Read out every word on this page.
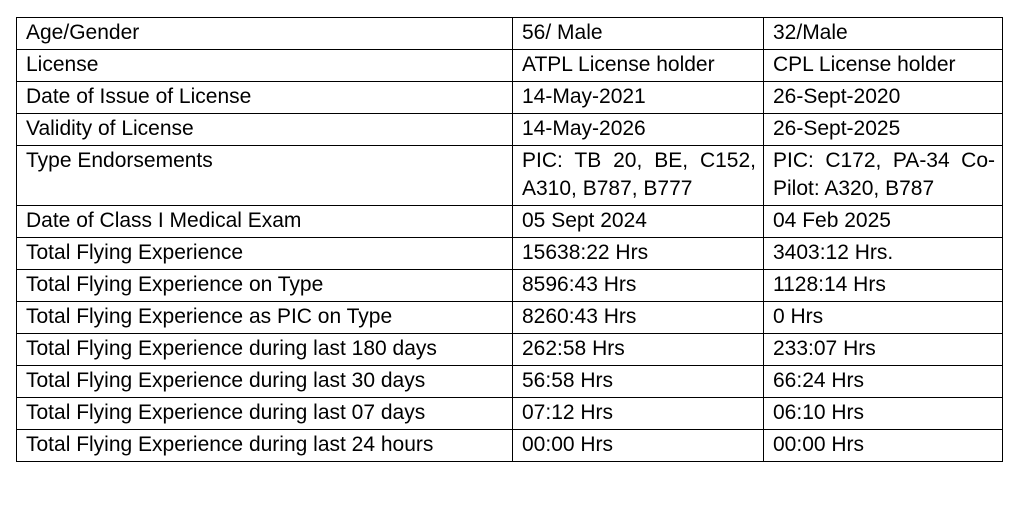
Age/Gender	56/ Male	32/Male
License	ATPL License holder	CPL License holder
Date of Issue of License	14-May-2021	26-Sept-2020
Validity of License	14-May-2026	26-Sept-2025
Type Endorsements	PIC: TB 20, BE, C152, A310, B787, B777	PIC: C172, PA-34 Co-Pilot: A320, B787
Date of Class I Medical Exam	05 Sept 2024	04 Feb 2025
Total Flying Experience	15638:22 Hrs	3403:12 Hrs.
Total Flying Experience on Type	8596:43 Hrs	1128:14 Hrs
Total Flying Experience as PIC on Type	8260:43 Hrs	0 Hrs
Total Flying Experience during last 180 days	262:58 Hrs	233:07 Hrs
Total Flying Experience during last 30 days	56:58 Hrs	66:24 Hrs
Total Flying Experience during last 07 days	07:12 Hrs	06:10 Hrs
Total Flying Experience during last 24 hours	00:00 Hrs	00:00 Hrs
